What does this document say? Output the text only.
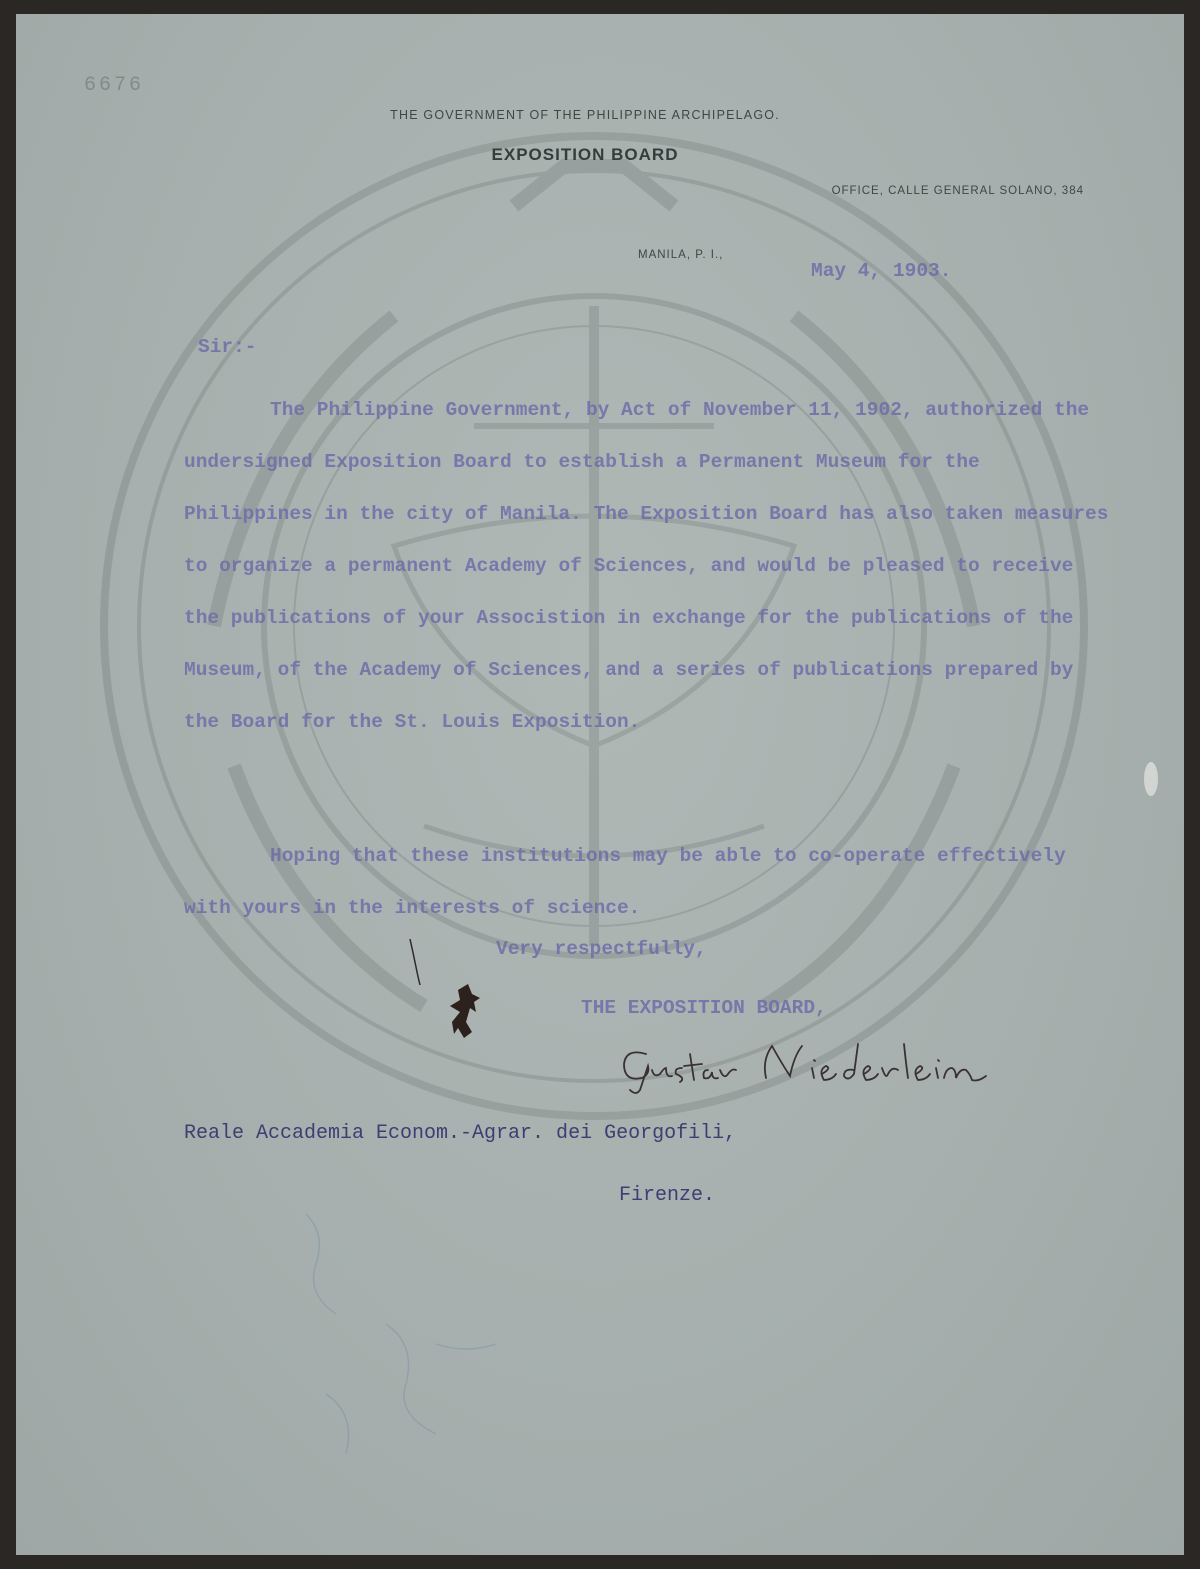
6676
THE GOVERNMENT OF THE PHILIPPINE ARCHIPELAGO.
EXPOSITION BOARD
OFFICE, CALLE GENERAL SOLANO, 384
MANILA, P. I.,
May 4, 1903.
Sir:-

The Philippine Government, by Act of November 11, 1902, authorized the undersigned Exposition Board to establish a Permanent Museum for the Philippines in the city of Manila. The Exposition Board has also taken measures to organize a permanent Academy of Sciences, and would be pleased to receive the publications of your Associstion in exchange for the publications of the Museum, of the Academy of Sciences, and a series of publications prepared by the Board for the St. Louis Exposition.

Hoping that these institutions may be able to co-operate effectively with yours in the interests of science.

Very respectfully,
THE EXPOSITION BOARD,
Reale Accademia Econom.-Agrar. dei Georgofili,
Firenze.
